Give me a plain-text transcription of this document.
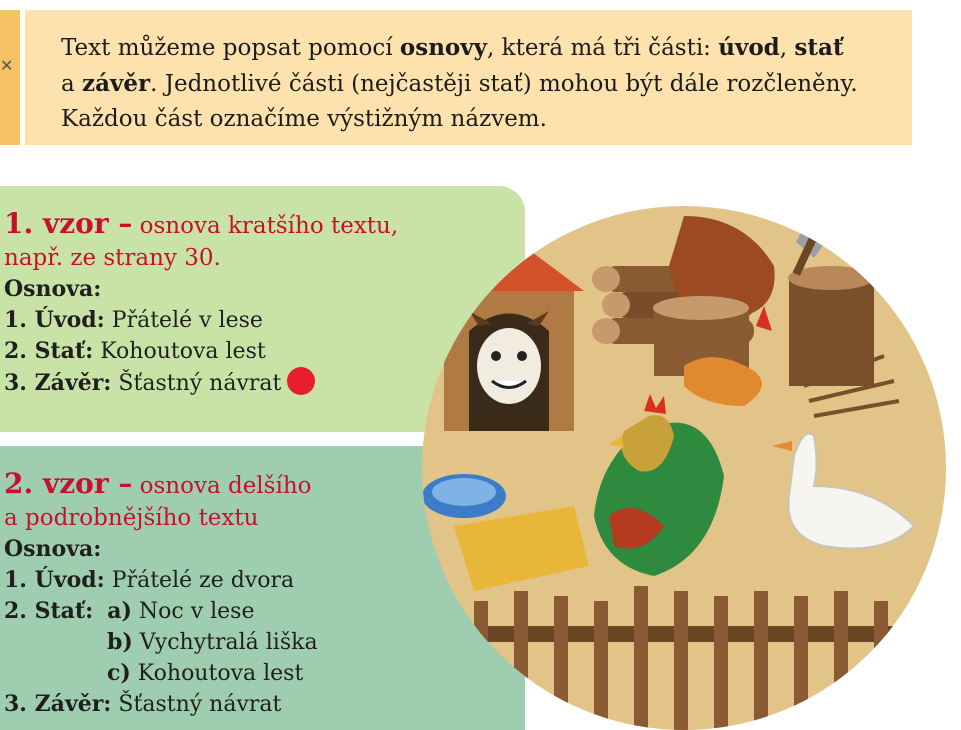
✕
Text můžeme popsat pomocí osnovy, která má tři části: úvod, stať
a závěr. Jednotlivé části (nejčastěji stať) mohou být dále rozčleněny.
Každou část označíme výstižným názvem.
1. vzor – osnova kratšího textu,
např. ze strany 30.
Osnova:
1. Úvod: Přátelé v lese
2. Stať: Kohoutova lest
3. Závěr: Šťastný návrat
2. vzor – osnova delšího
a podrobnějšího textu
Osnova:
1. Úvod: Přátelé ze dvora
2. Stať: a) Noc v lese
b) Vychytralá liška
c) Kohoutova lest
3. Závěr: Šťastný návrat
